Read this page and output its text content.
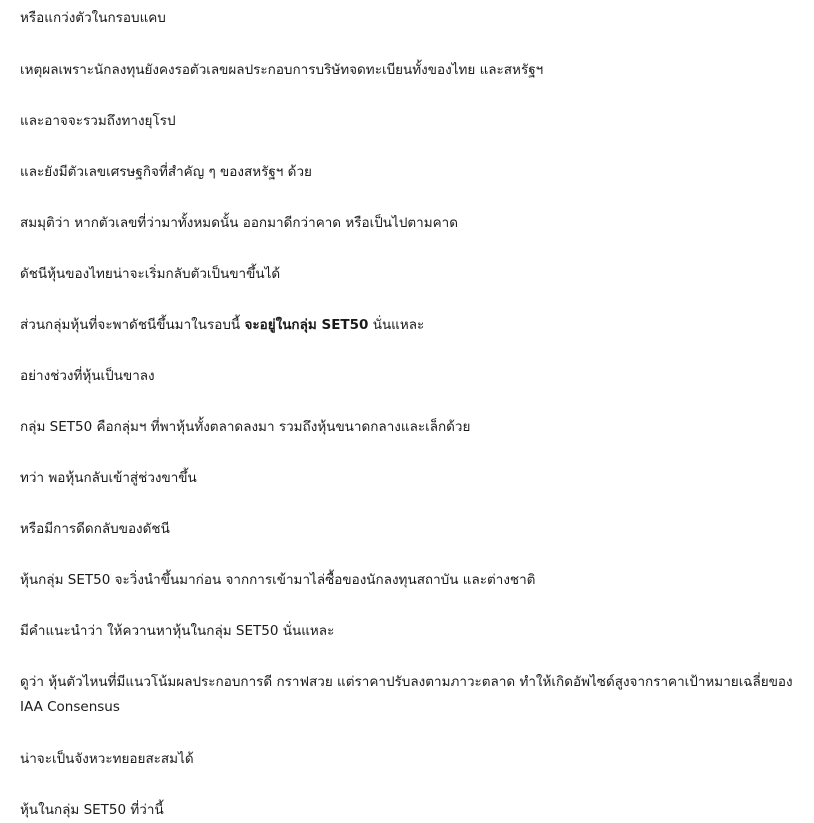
หรือแกว่งตัวในกรอบแคบ

เหตุผลเพราะนักลงทุนยังคงรอตัวเลขผลประกอบการบริษัทจดทะเบียนทั้งของไทย และสหรัฐฯ

และอาจจะรวมถึงทางยุโรป

และยังมีตัวเลขเศรษฐกิจที่สำคัญ ๆ ของสหรัฐฯ ด้วย

สมมุติว่า หากตัวเลขที่ว่ามาทั้งหมดนั้น ออกมาดีกว่าคาด หรือเป็นไปตามคาด

ดัชนีหุ้นของไทยน่าจะเริ่มกลับตัวเป็นขาขึ้นได้

ส่วนกลุ่มหุ้นที่จะพาดัชนีขึ้นมาในรอบนี้ จะอยู่ในกลุ่ม SET50 นั่นแหละ

อย่างช่วงที่หุ้นเป็นขาลง

กลุ่ม SET50 คือกลุ่มฯ ที่พาหุ้นทั้งตลาดลงมา รวมถึงหุ้นขนาดกลางและเล็กด้วย

ทว่า พอหุ้นกลับเข้าสู่ช่วงขาขึ้น

หรือมีการดีดกลับของดัชนี

หุ้นกลุ่ม SET50 จะวิ่งนำขึ้นมาก่อน จากการเข้ามาไล่ซื้อของนักลงทุนสถาบัน และต่างชาติ

มีคำแนะนำว่า ให้ควานหาหุ้นในกลุ่ม SET50 นั่นแหละ

ดูว่า หุ้นตัวไหนที่มีแนวโน้มผลประกอบการดี กราฟสวย แต่ราคาปรับลงตามภาวะตลาด ทำให้เกิดอัพไซด์สูงจากราคาเป้าหมายเฉลี่ยของ IAA Consensus

น่าจะเป็นจังหวะทยอยสะสมได้

หุ้นในกลุ่ม SET50 ที่ว่านี้
